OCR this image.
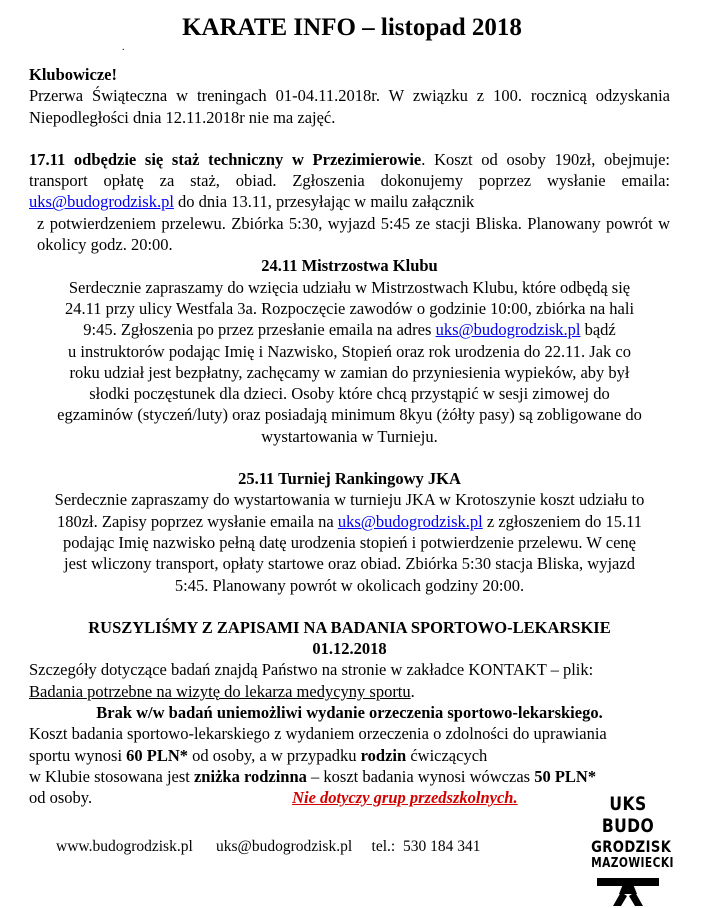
KARATE INFO – listopad 2018
.

Klubowicze!

Przerwa Świąteczna w treningach 01-04.11.2018r. W związku z 100. rocznicą odzyskania Niepodległości dnia 12.11.2018r nie ma zajęć.

17.11 odbędzie się staż techniczny w Przezimierowie. Koszt od osoby 190zł, obejmuje: transport opłatę za staż, obiad. Zgłoszenia dokonujemy poprzez wysłanie emaila: uks@budogrodzisk.pl do dnia 13.11, przesyłając w mailu załącznik

z potwierdzeniem przelewu. Zbiórka 5:30, wyjazd 5:45 ze stacji Bliska. Planowany powrót w okolicy godz. 20:00.

24.11 Mistrzostwa Klubu

Serdecznie zapraszamy do wzięcia udziału w Mistrzostwach Klubu, które odbędą się
24.11 przy ulicy Westfala 3a. Rozpoczęcie zawodów o godzinie 10:00, zbiórka na hali
9:45. Zgłoszenia po przez przesłanie emaila na adres uks@budogrodzisk.pl bądź
u instruktorów podając Imię i Nazwisko, Stopień oraz rok urodzenia do 22.11. Jak co
roku udział jest bezpłatny, zachęcamy w zamian do przyniesienia wypieków, aby był
słodki poczęstunek dla dzieci. Osoby które chcą przystąpić w sesji zimowej do
egzaminów (styczeń/luty) oraz posiadają minimum 8kyu (żółty pasy) są zobligowane do
wystartowania w Turnieju.

25.11 Turniej Rankingowy JKA

Serdecznie zapraszamy do wystartowania w turnieju JKA w Krotoszynie koszt udziału to
180zł. Zapisy poprzez wysłanie emaila na uks@budogrodzisk.pl z zgłoszeniem do 15.11
podając Imię nazwisko pełną datę urodzenia stopień i potwierdzenie przelewu. W cenę
jest wliczony transport, opłaty startowe oraz obiad. Zbiórka 5:30 stacja Bliska, wyjazd
5:45. Planowany powrót w okolicach godziny 20:00.

RUSZYLIŚMY Z ZAPISAMI NA BADANIA SPORTOWO-LEKARSKIE

01.12.2018

Szczegóły dotyczące badań znajdą Państwo na stronie w zakładce KONTAKT – plik:
Badania potrzebne na wizytę do lekarza medycyny sportu.
Brak w/w badań uniemożliwi wydanie orzeczenia sportowo-lekarskiego.
Koszt badania sportowo-lekarskiego z wydaniem orzeczenia o zdolności do uprawiania
sportu wynosi 60 PLN* od osoby, a w przypadku rodzin ćwiczących
w Klubie stosowana jest zniżka rodzinna – koszt badania wynosi wówczas 50 PLN*
od osoby.	Nie dotyczy grup przedszkolnych.
www.budogrodzisk.pl uks@budogrodzisk.pl tel.:  530 184 341
UKS BUDO
GRODZISK
MAZOWIECKI
